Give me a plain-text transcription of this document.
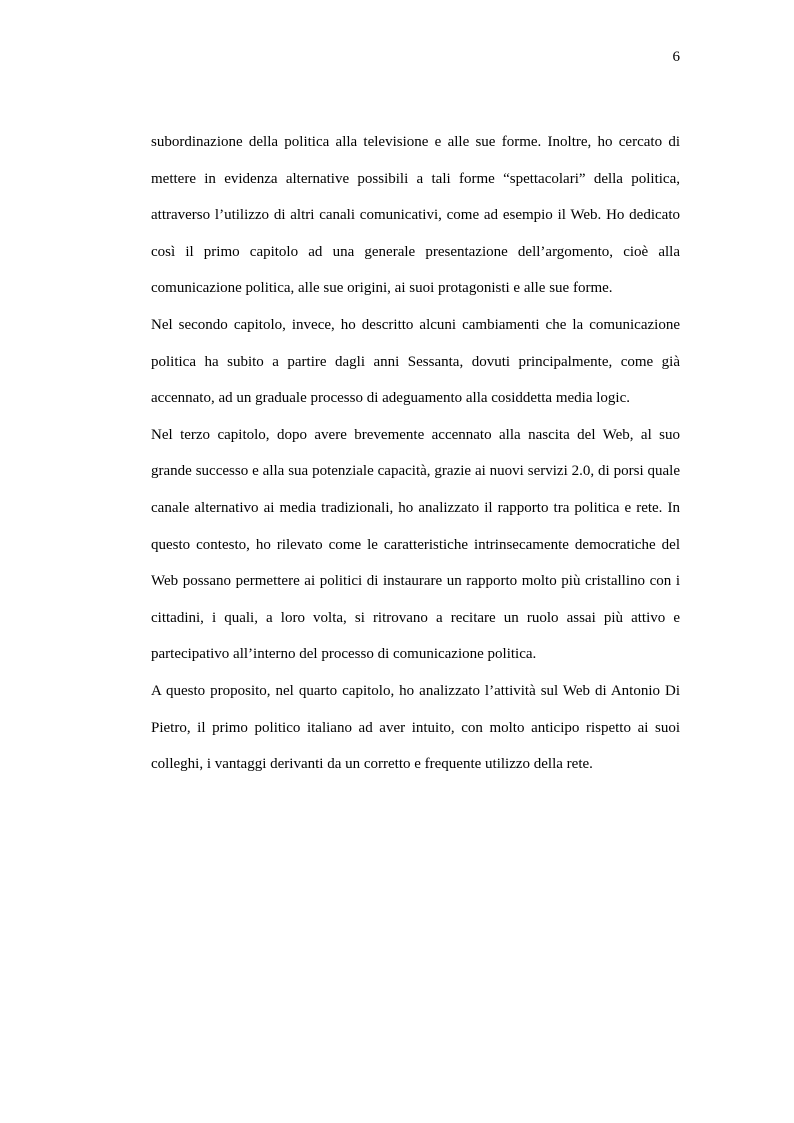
6

subordinazione della politica alla televisione e alle sue forme. Inoltre, ho cercato di mettere in evidenza alternative possibili a tali forme “spettacolari” della politica, attraverso l’utilizzo di altri canali comunicativi, come ad esempio il Web. Ho dedicato così il primo capitolo ad una generale presentazione dell’argomento, cioè alla comunicazione politica, alle sue origini, ai suoi protagonisti e alle sue forme.

Nel secondo capitolo, invece, ho descritto alcuni cambiamenti che la comunicazione politica ha subito a partire dagli anni Sessanta, dovuti principalmente, come già accennato, ad un graduale processo di adeguamento alla cosiddetta media logic.

Nel terzo capitolo, dopo avere brevemente accennato alla nascita del Web, al suo grande successo e alla sua potenziale capacità, grazie ai nuovi servizi 2.0, di porsi quale canale alternativo ai media tradizionali, ho analizzato il rapporto tra politica e rete. In questo contesto, ho rilevato come le caratteristiche intrinsecamente democratiche del Web possano permettere ai politici di instaurare un rapporto molto più cristallino con i cittadini, i quali, a loro volta, si ritrovano a recitare un ruolo assai più attivo e partecipativo all’interno del processo di comunicazione politica.

A questo proposito, nel quarto capitolo, ho analizzato l’attività sul Web di Antonio Di Pietro, il primo politico italiano ad aver intuito, con molto anticipo rispetto ai suoi colleghi, i vantaggi derivanti da un corretto e frequente utilizzo della rete.
